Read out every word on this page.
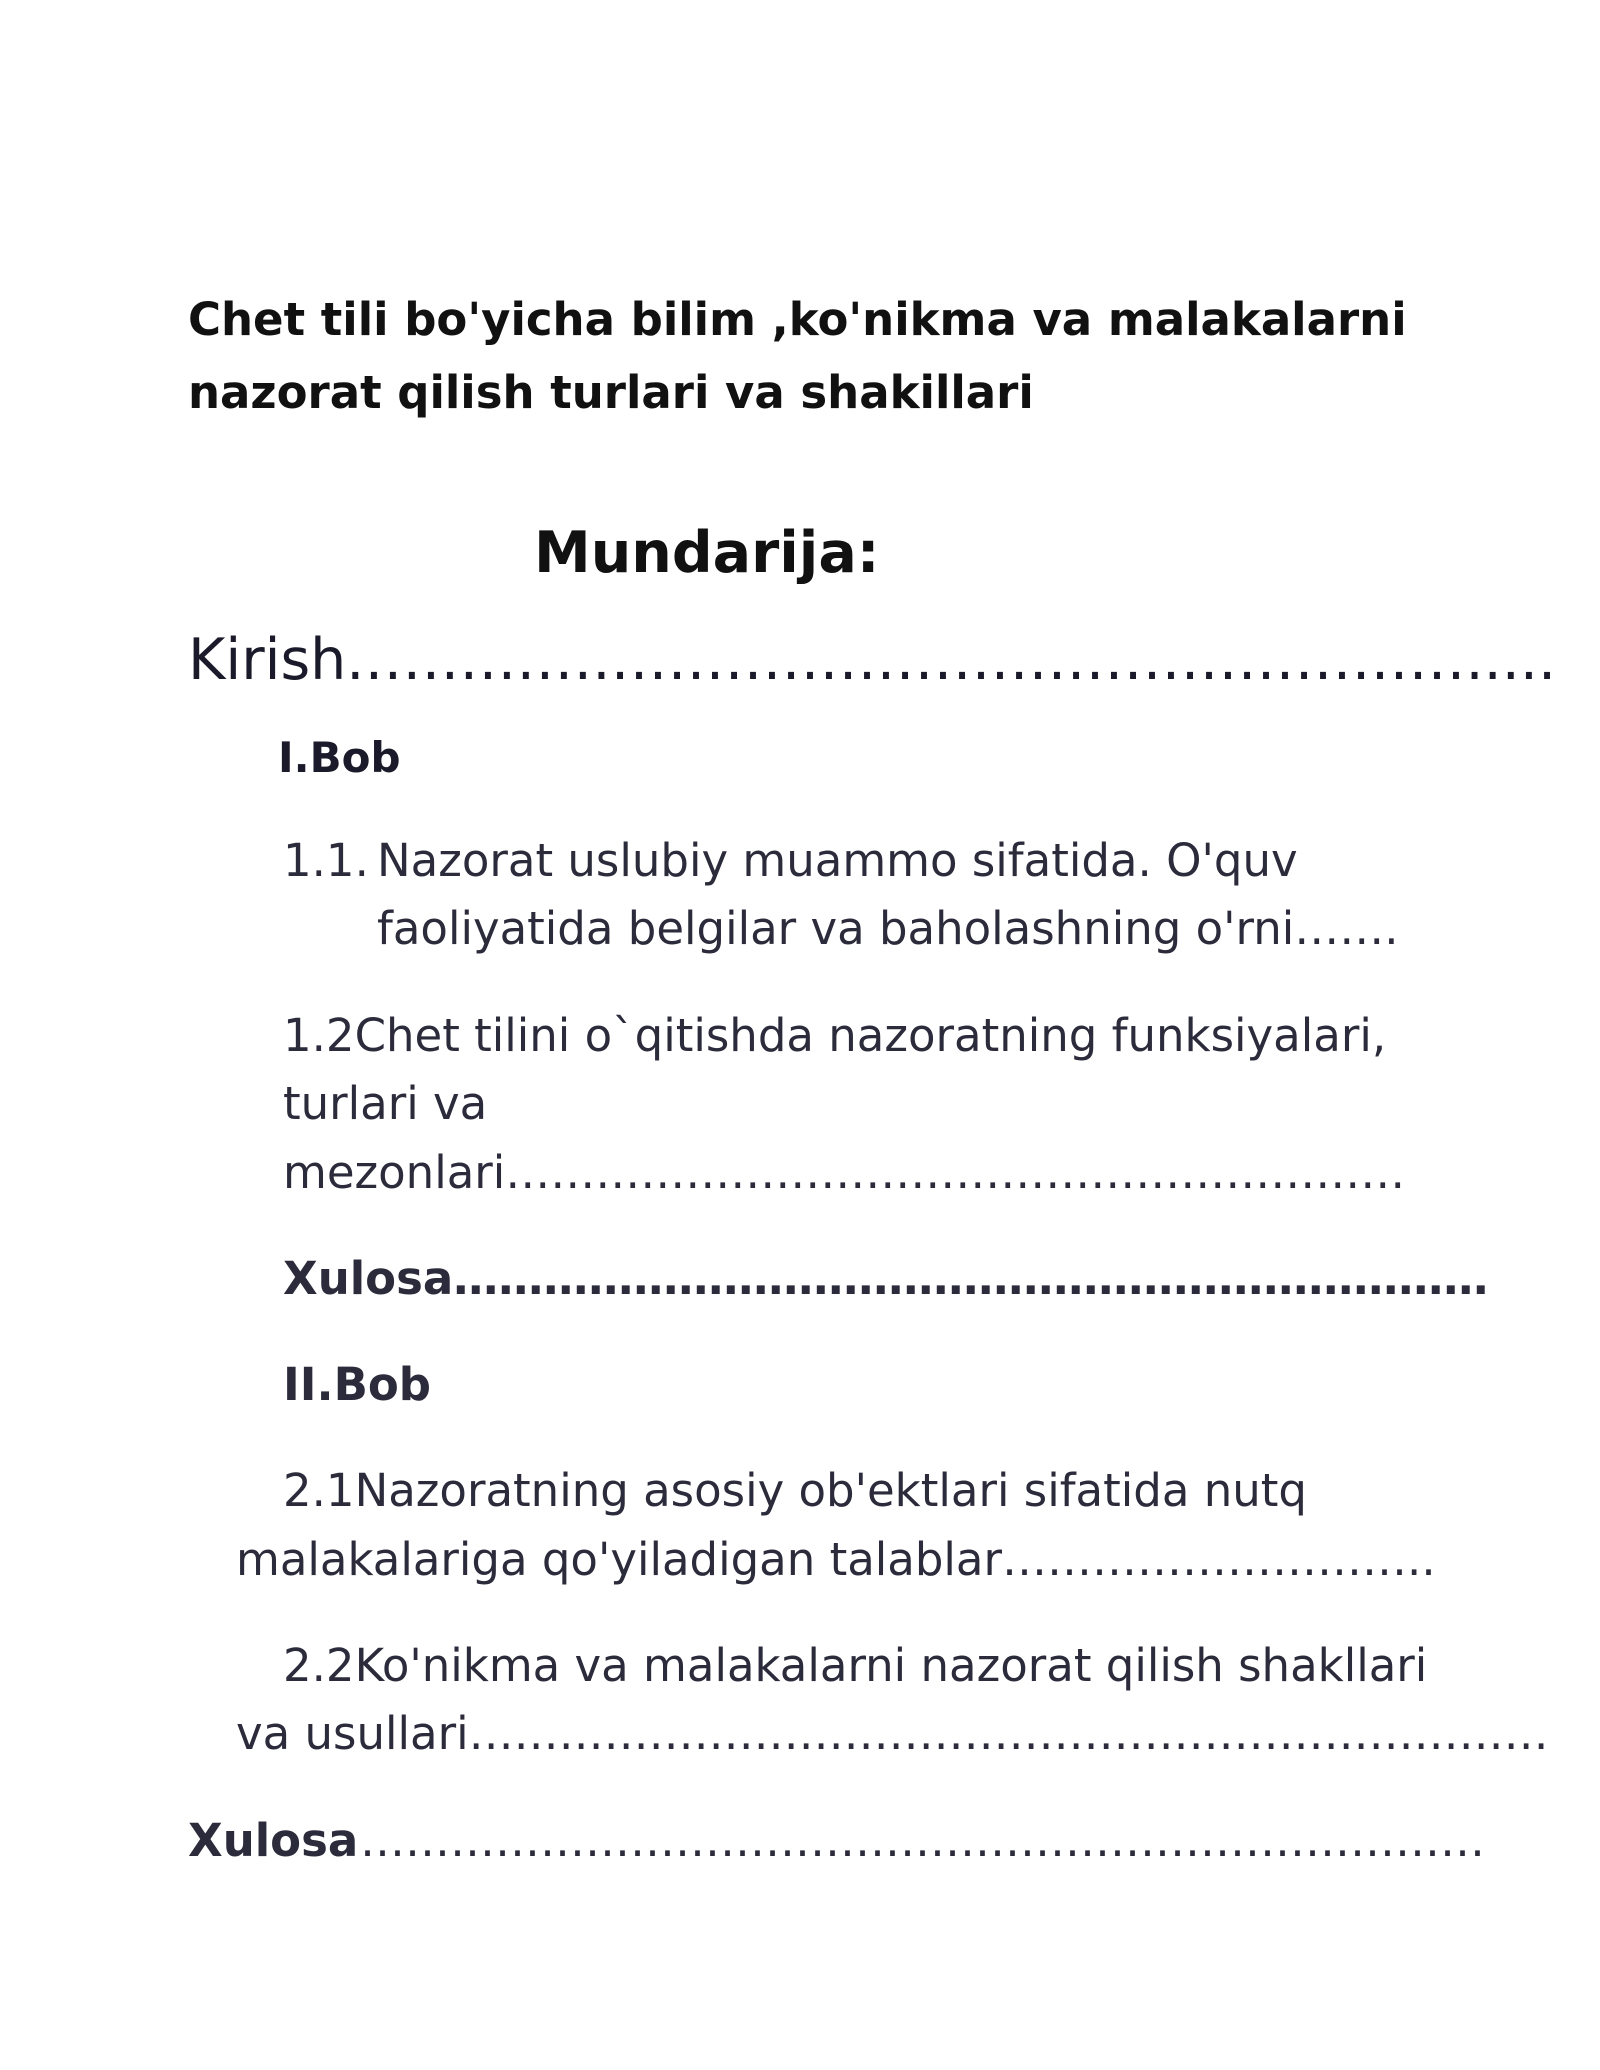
Chet tili bo'yicha bilim ,ko'nikma va malakalarni
nazorat qilish turlari va shakillari
Mundarija:
Kirish.………….……………………………………….....
I.Bob
1.1. Nazorat uslubiy muammo sifatida. O'quv
faoliyatida belgilar va baholashning o'rni…….
1.2Chet tilini o`qitishda nazoratning funksiyalari,
turlari va
mezonlari……………………………………………………
Xulosa……………………………………………………………
II.Bob
2.1Nazoratning asosiy ob'ektlari sifatida nutq
malakalariga qo'yiladigan talablar………………………..
2.2Ko'nikma va malakalarni nazorat qilish shakllari
va usullari………………………………………………………………
Xulosa …………………………………………………………………
